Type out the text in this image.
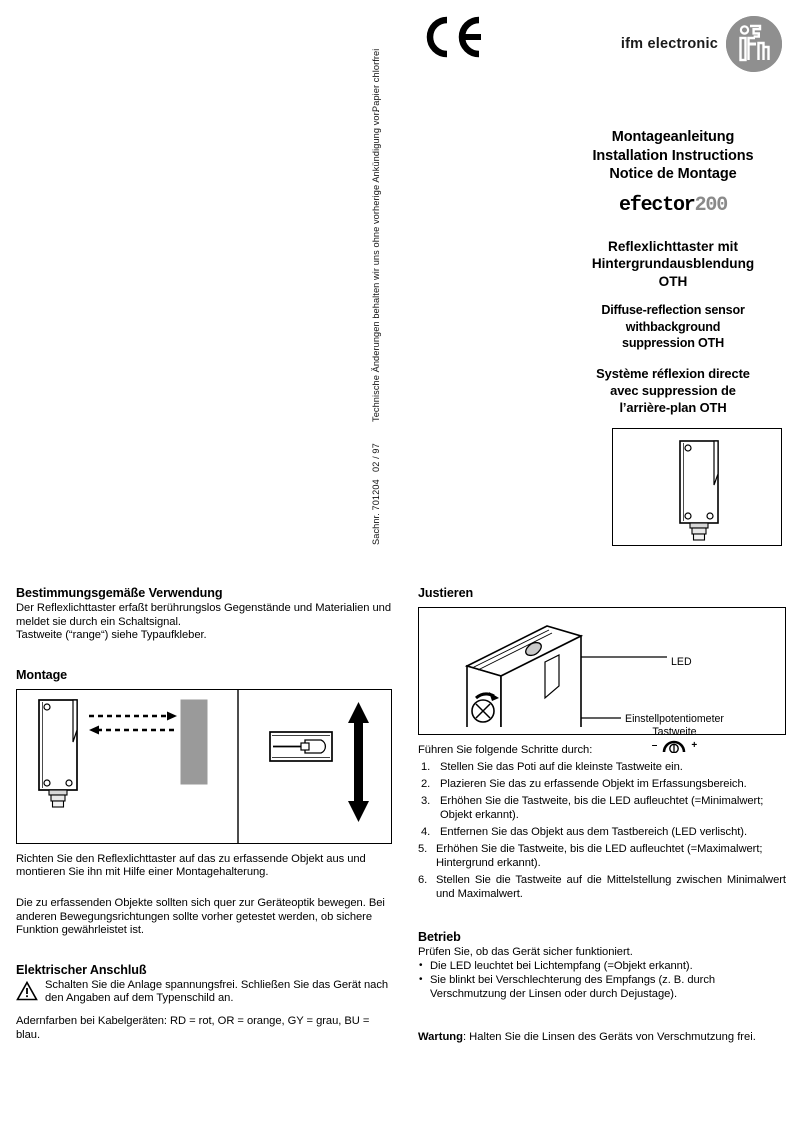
Papier chlorfrei
Technische Änderungen behalten wir uns ohne vorherige Ankündigung vor.
02 / 97
Sachnr. 701204
ifm electronic
Montageanleitung
Installation Instructions
Notice de Montage
efector200
Reflexlichttaster mit
Hintergrundausblendung
OTH
Diffuse-reflection sensor
withbackground
suppression OTH
Système réflexion directe
avec suppression de
l’arrière-plan OTH
Bestimmungsgemäße Verwendung

Der Reflexlichttaster erfaßt berührungslos Gegenstände und Materialien und meldet sie durch ein Schaltsignal.

Tastweite (“range“) siehe Typaufkleber.

Montage

Richten Sie den Reflexlichttaster auf das zu erfassende Objekt aus und montieren Sie ihn mit Hilfe einer Montagehalterung.

Die zu erfassenden Objekte sollten sich quer zur Geräteoptik bewegen. Bei anderen Bewegungsrichtungen sollte vorher getestet werden, ob sichere Funktion gewährleistet ist.

Elektrischer Anschluß

Schalten Sie die Anlage spannungsfrei. Schließen Sie das Gerät nach den Angaben auf dem Typenschild an.

Adernfarben bei Kabelgeräten: RD = rot, OR = orange, GY = grau, BU = blau.

Justieren
LED
Einstellpotentiometer
Tastweite
–	+

Führen Sie folgende Schritte durch:

1. Stellen Sie das Poti auf die kleinste Tastweite ein.
2. Plazieren Sie das zu erfassende Objekt im Erfassungsbereich.
3. Erhöhen Sie die Tastweite, bis die LED aufleuchtet (=Minimalwert; Objekt erkannt).
4. Entfernen Sie das Objekt aus dem Tastbereich (LED verlischt).
5. Erhöhen Sie die Tastweite, bis die LED aufleuchtet (=Maximalwert; Hintergrund erkannt).
6. Stellen Sie die Tastweite auf die Mittelstellung zwischen Minimalwert und Maximalwert.
Betrieb

Prüfen Sie, ob das Gerät sicher funktioniert.

• Die LED leuchtet bei Lichtempfang (=Objekt erkannt).
• Sie blinkt bei Verschlechterung des Empfangs (z. B. durch Verschmutzung der Linsen oder durch Dejustage).

Wartung: Halten Sie die Linsen des Geräts von Verschmutzung frei.
